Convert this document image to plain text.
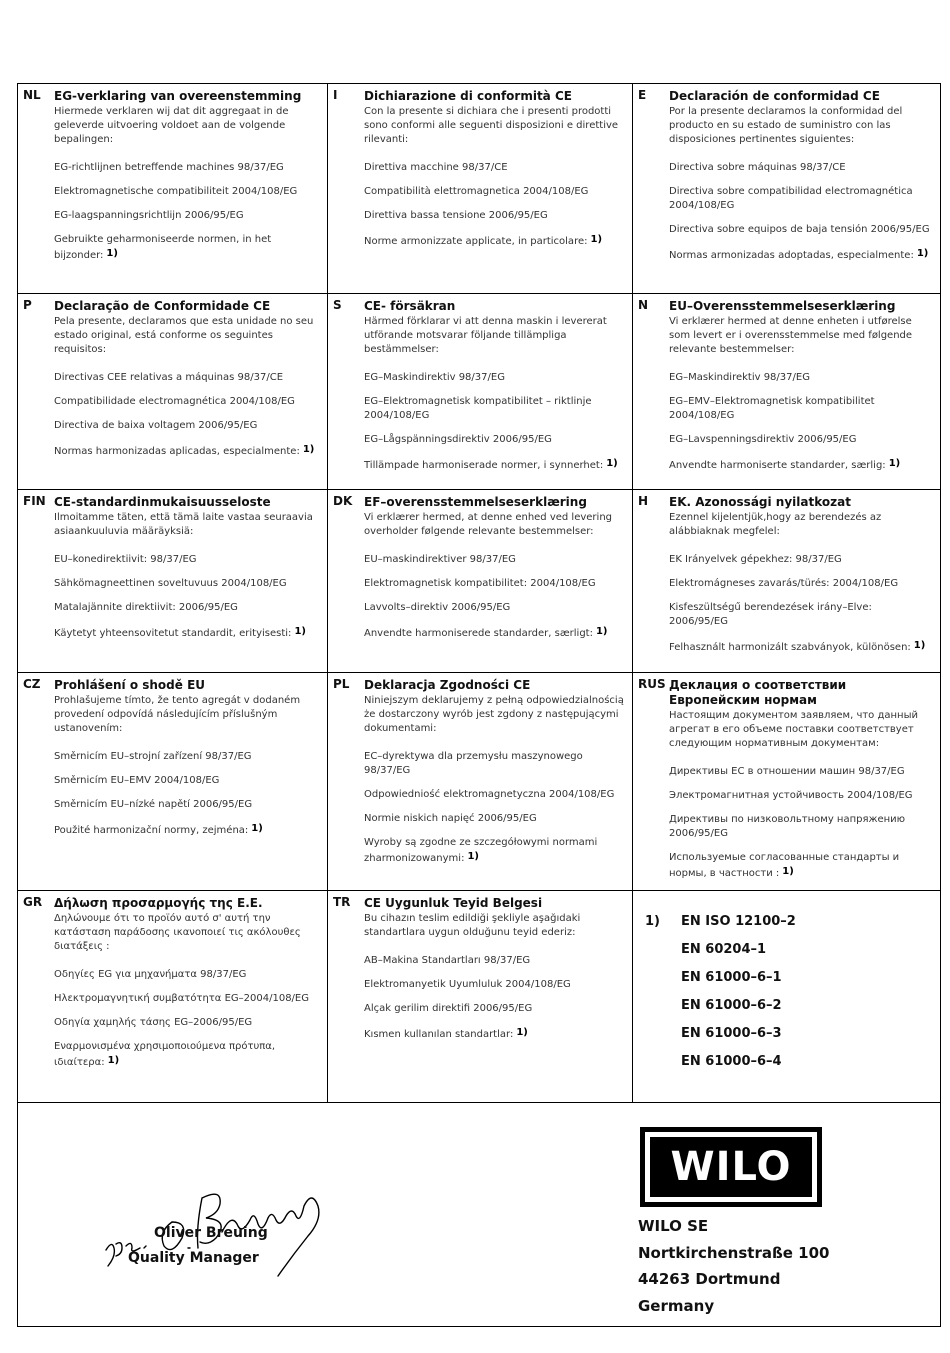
NL EG-verklaring van overeenstemming
Hiermede verklaren wij dat dit aggregaat in de geleverde uitvoering voldoet aan de volgende bepalingen:
EG-richtlijnen betreffende machines 98/37/EG
Elektromagnetische compatibiliteit 2004/108/EG
EG-laagspanningsrichtlijn 2006/95/EG
Gebruikte geharmoniseerde normen, in het bijzonder: 1)
I Dichiarazione di conformità CE
Con la presente si dichiara che i presenti prodotti sono conformi alle seguenti disposizioni e direttive rilevanti:
Direttiva macchine 98/37/CE
Compatibilità elettromagnetica 2004/108/EG
Direttiva bassa tensione 2006/95/EG
Norme armonizzate applicate, in particolare: 1)
E Declaración de conformidad CE
Por la presente declaramos la conformidad del producto en su estado de suministro con las disposiciones pertinentes siguientes:
Directiva sobre máquinas 98/37/CE
Directiva sobre compatibilidad electromagnética 2004/108/EG
Directiva sobre equipos de baja tensión 2006/95/EG
Normas armonizadas adoptadas, especialmente: 1)
P Declaração de Conformidade CE
Pela presente, declaramos que esta unidade no seu estado original, está conforme os seguintes requisitos:
Directivas CEE relativas a máquinas 98/37/CE
Compatibilidade electromagnética 2004/108/EG
Directiva de baixa voltagem 2006/95/EG
Normas harmonizadas aplicadas, especialmente: 1)
S CE- försäkran
Härmed förklarar vi att denna maskin i levererat utförande motsvarar följande tillämpliga bestämmelser:
EG–Maskindirektiv 98/37/EG
EG–Elektromagnetisk kompatibilitet – riktlinje 2004/108/EG
EG–Lågspänningsdirektiv 2006/95/EG
Tillämpade harmoniserade normer, i synnerhet: 1)
N EU–Overensstemmelseserklæring
Vi erklærer hermed at denne enheten i utførelse som levert er i overensstemmelse med følgende relevante bestemmelser:
EG–Maskindirektiv 98/37/EG
EG–EMV–Elektromagnetisk kompatibilitet 2004/108/EG
EG–Lavspenningsdirektiv 2006/95/EG
Anvendte harmoniserte standarder, særlig: 1)
FIN CE-standardinmukaisuusseloste
Ilmoitamme täten, että tämä laite vastaa seuraavia asiaankuuluvia määräyksiä:
EU–konedirektiivit: 98/37/EG
Sähkömagneettinen soveltuvuus 2004/108/EG
Matalajännite direktiivit: 2006/95/EG
Käytetyt yhteensovitetut standardit, erityisesti: 1)
DK EF–overensstemmelseserklæring
Vi erklærer hermed, at denne enhed ved levering overholder følgende relevante bestemmelser:
EU–maskindirektiver 98/37/EG
Elektromagnetisk kompatibilitet: 2004/108/EG
Lavvolts–direktiv 2006/95/EG
Anvendte harmoniserede standarder, særligt: 1)
H EK. Azonossági nyilatkozat
Ezennel kijelentjük,hogy az berendezés az alábbiaknak megfelel:
EK Irányelvek gépekhez: 98/37/EG
Elektromágneses zavarás/türés: 2004/108/EG
Kisfeszültségű berendezések irány–Elve: 2006/95/EG
Felhasznált harmonizált szabványok, különösen: 1)
CZ Prohlášení o shodě EU
Prohlašujeme tímto, že tento agregát v dodaném provedení odpovídá následujícím příslušným ustanovením:
Směrnicím EU–strojní zařízení 98/37/EG
Směrnicím EU–EMV 2004/108/EG
Směrnicím EU–nízké napětí 2006/95/EG
Použité harmonizační normy, zejména: 1)
PL Deklaracja Zgodności CE
Niniejszym deklarujemy z pełną odpowiedzialnością że dostarczony wyrób jest zgdony z następującymi dokumentami:
EC–dyrektywa dla przemysłu maszynowego 98/37/EG
Odpowiedniość elektromagnetyczna 2004/108/EG
Normie niskich napięć 2006/95/EG
Wyroby są zgodne ze szczegółowymi normami zharmonizowanymi: 1)
RUS Деклация о соответствии Европейским нормам
Настоящим документом заявляем, что данный агрегат в его объеме поставки соответствует следующим нормативным документам:
Директивы EC в отношении машин 98/37/EG
Электромагнитная устойчивость 2004/108/EG
Директивы по низковольтному напряжению 2006/95/EG
Используемые согласованные стандарты и нормы, в частности : 1)
GR Δήλωση προσαρμογής της Ε.Ε.
Δηλώνουμε ότι το προϊόν αυτό σ' αυτή την κατάσταση παράδοσης ικανοποιεί τις ακόλουθες διατάξεις :
Οδηγίες EG για μηχανήματα 98/37/EG
Ηλεκτρομαγνητική συμβατότητα EG–2004/108/EG
Οδηγία χαμηλής τάσης EG–2006/95/EG
Εναρμονισμένα χρησιμοποιούμενα πρότυπα, ιδιαίτερα: 1)
TR CE Uygunluk Teyid Belgesi
Bu cihazın teslim edildiği şekliyle aşağıdaki standartlara uygun olduğunu teyid ederiz:
AB–Makina Standartları 98/37/EG
Elektromanyetik Uyumluluk 2004/108/EG
Alçak gerilim direktifi 2006/95/EG
Kısmen kullanılan standartlar: 1)
1)	EN ISO 12100–2
EN 60204–1
EN 61000–6–1
EN 61000–6–2
EN 61000–6–3
EN 61000–6–4
Oliver Breuing
Quality Manager
WILO
WILO SE
Nortkirchenstraße 100
44263 Dortmund
Germany
